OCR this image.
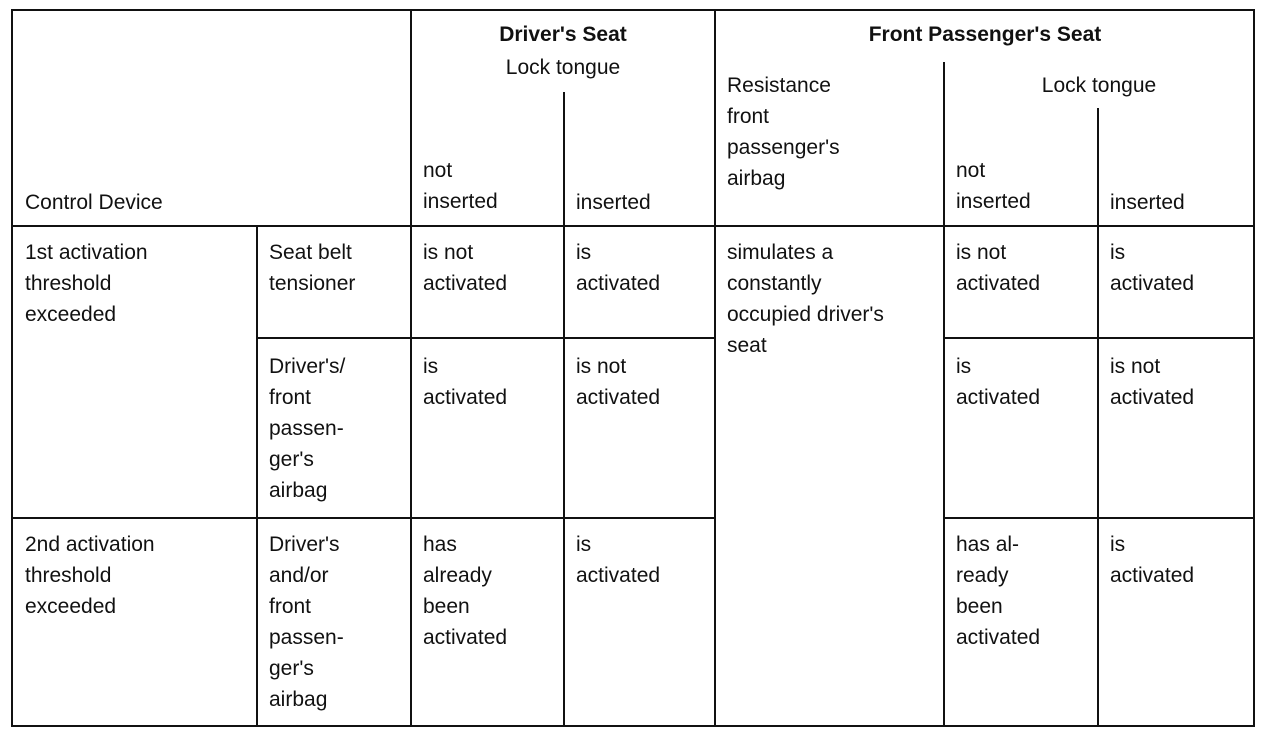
Control Device
Driver's Seat
Lock tongue
not
inserted	inserted
Front Passenger's Seat
Resistance
front
passenger's
airbag
Lock tongue
not
inserted	inserted
1st activation
threshold
exceeded
2nd activation
threshold
exceeded
Seat belt
tensioner
Driver's/
front
passen-
ger's
airbag
Driver's
and/or
front
passen-
ger's
airbag
is not
activated
is
activated
is
activated
is not
activated
has
already
been
activated
is
activated
simulates a
constantly
occupied driver's
seat
is not
activated
is
activated
is
activated
is not
activated
has al-
ready
been
activated
is
activated
